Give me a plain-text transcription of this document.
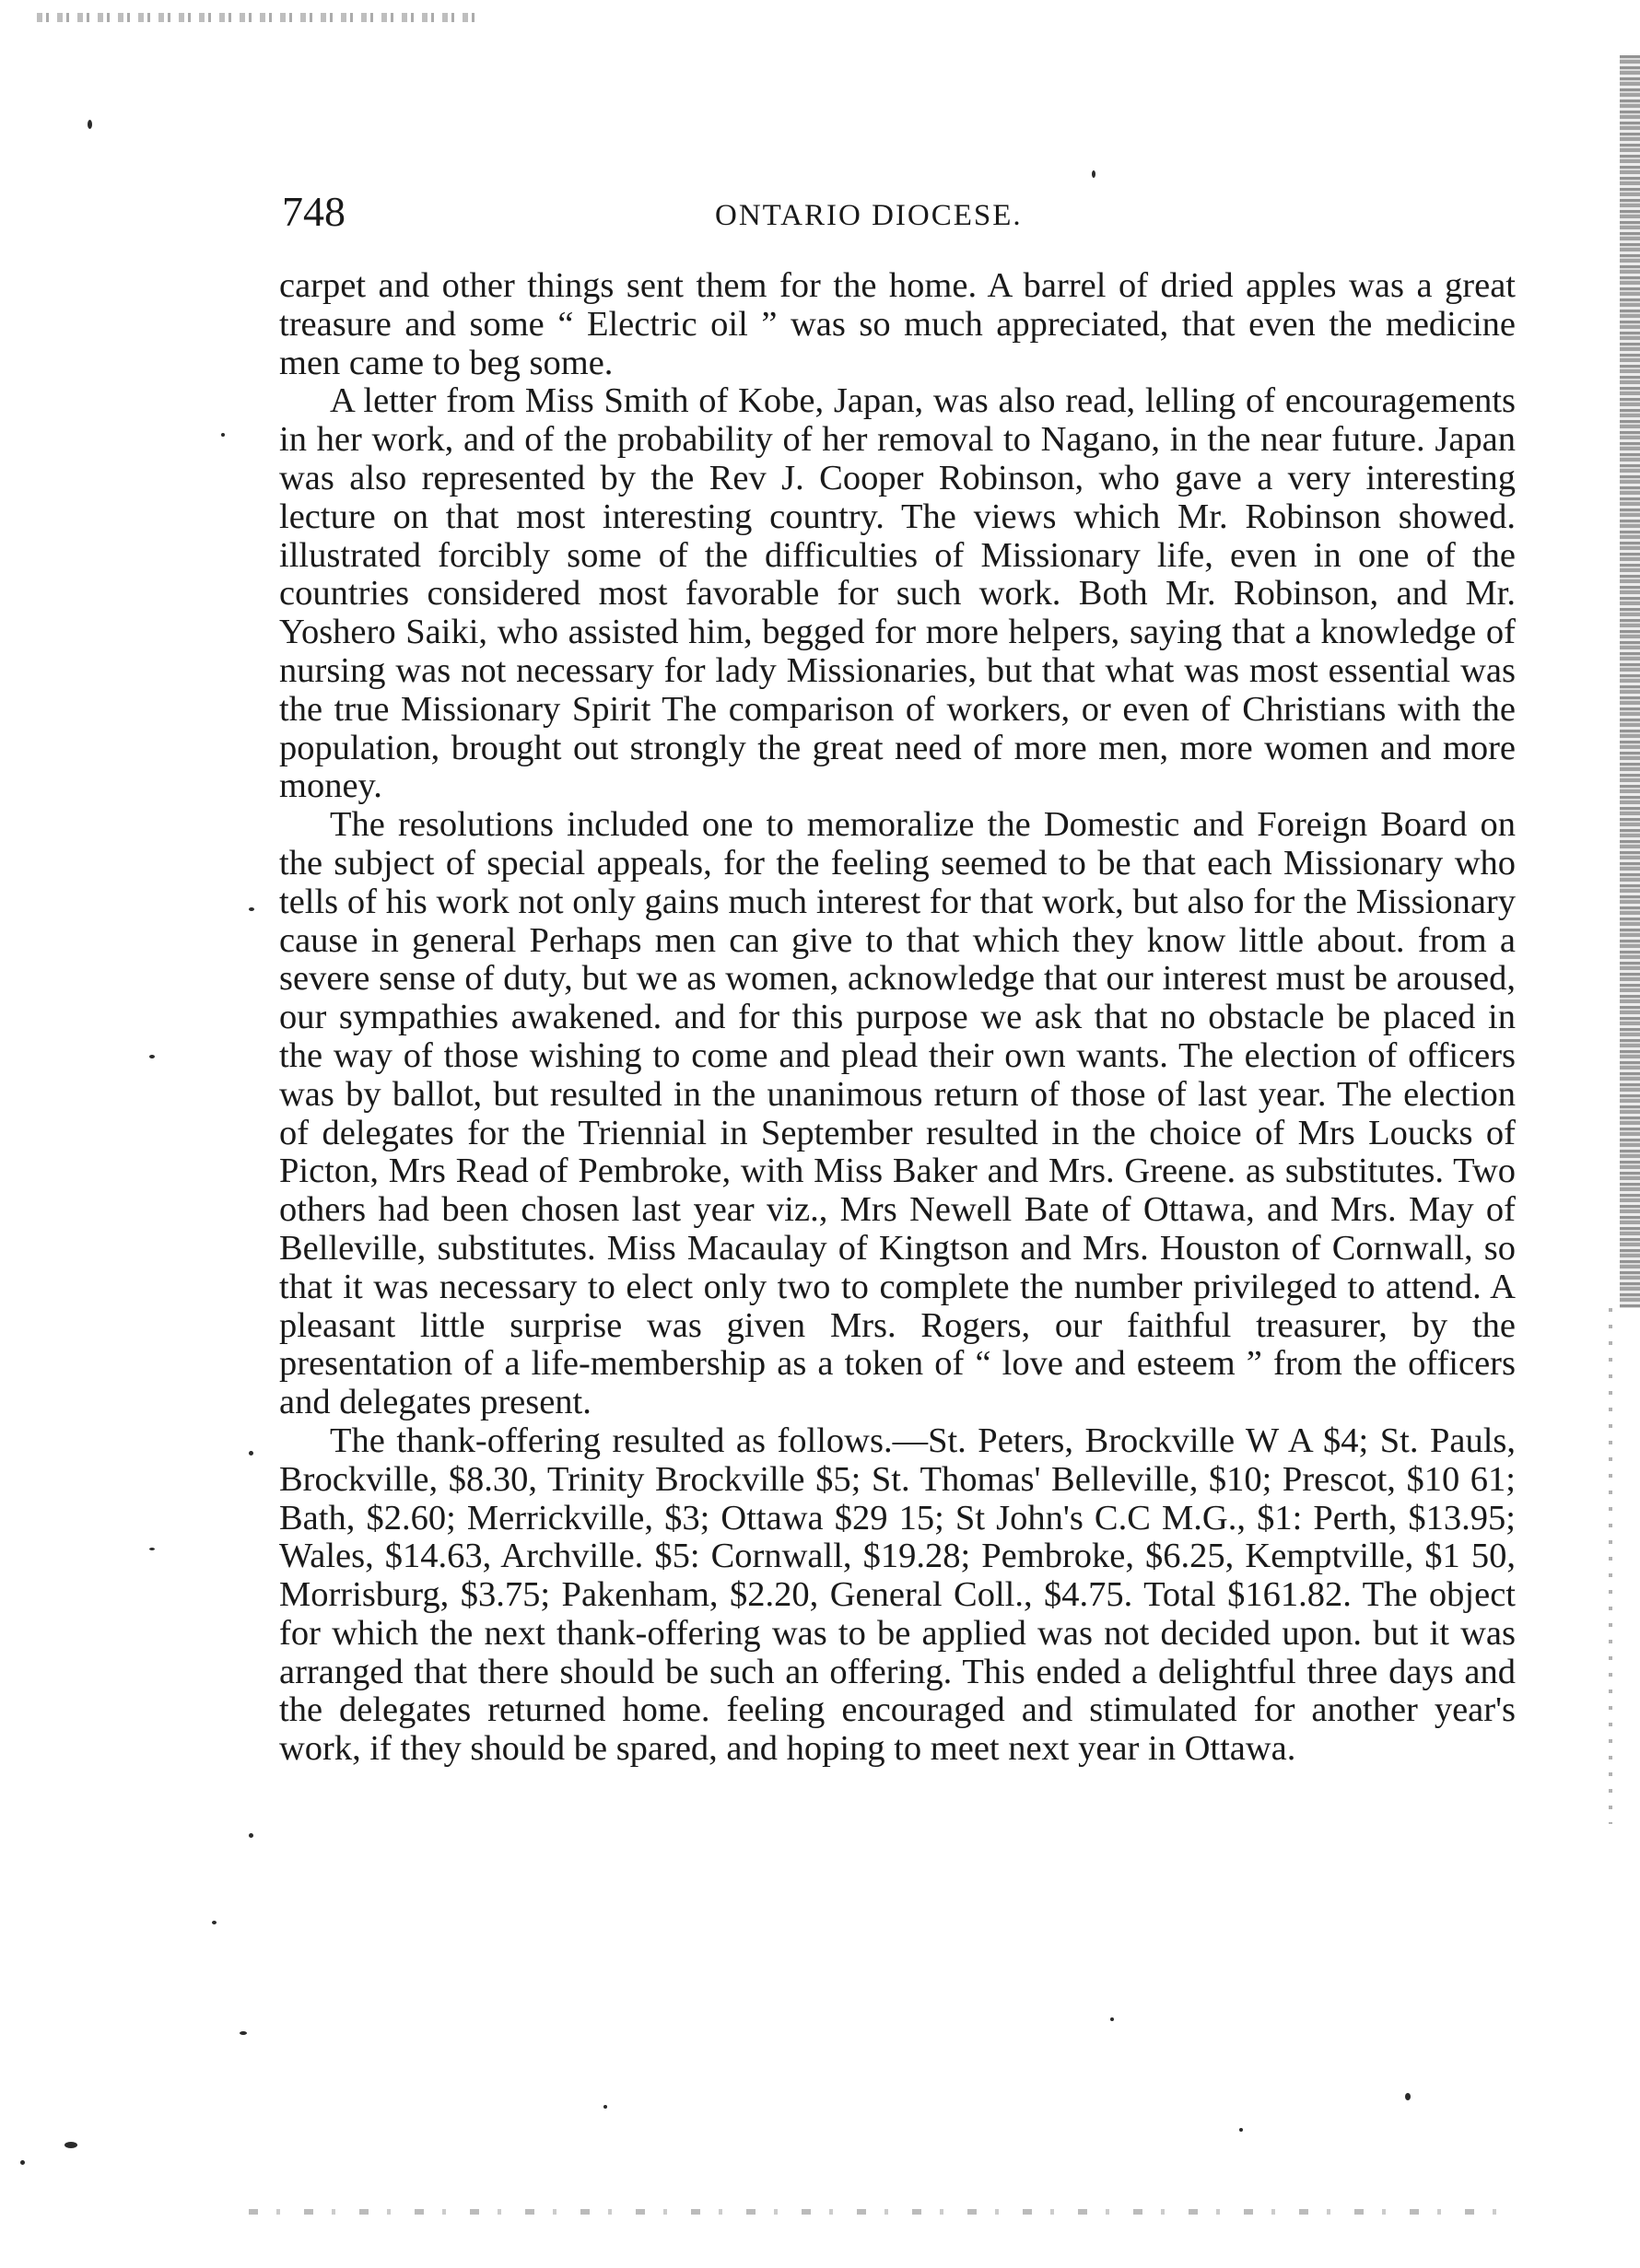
748	ONTARIO DIOCESE.

carpet and other things sent them for the home. A barrel of dried apples was a great treasure and some “ Electric oil ” was so much appreciated, that even the medicine men came to beg some.

A letter from Miss Smith of Kobe, Japan, was also read, lelling of encouragements in her work, and of the probability of her removal to Nagano, in the near future. Japan was also represented by the Rev J. Cooper Robinson, who gave a very interesting lecture on that most interesting country. The views which Mr. Robinson showed. illustrated forcibly some of the difficulties of Missionary life, even in one of the countries considered most favorable for such work. Both Mr. Robinson, and Mr. Yoshero Saiki, who assisted him, begged for more helpers, saying that a knowledge of nursing was not necessary for lady Missionaries, but that what was most essential was the true Missionary Spirit The comparison of workers, or even of Christians with the population, brought out strongly the great need of more men, more women and more money.

The resolutions included one to memoralize the Domestic and Foreign Board on the subject of special appeals, for the feeling seemed to be that each Missionary who tells of his work not only gains much interest for that work, but also for the Missionary cause in general Perhaps men can give to that which they know little about. from a severe sense of duty, but we as women, acknowledge that our interest must be aroused, our sympathies awakened. and for this purpose we ask that no obstacle be placed in the way of those wishing to come and plead their own wants. The election of officers was by ballot, but resulted in the unanimous return of those of last year. The election of delegates for the Triennial in September resulted in the choice of Mrs Loucks of Picton, Mrs Read of Pembroke, with Miss Baker and Mrs. Greene. as substitutes. Two others had been chosen last year viz., Mrs Newell Bate of Ottawa, and Mrs. May of Belleville, substitutes. Miss Macaulay of Kingtson and Mrs. Houston of Cornwall, so that it was necessary to elect only two to complete the number privileged to attend. A pleasant little surprise was given Mrs. Rogers, our faithful treasurer, by the presentation of a life-membership as a token of “ love and esteem ” from the officers and delegates present.

The thank-offering resulted as follows.—St. Peters, Brockville W A $4; St. Pauls, Brockville, $8.30, Trinity Brockville $5; St. Thomas' Belleville, $10; Prescot, $10 61; Bath, $2.60; Merrickville, $3; Ottawa $29 15; St John's C.C M.G., $1: Perth, $13.95; Wales, $14.63, Archville. $5: Cornwall, $19.28; Pembroke, $6.25, Kemptville, $1 50, Morrisburg, $3.75; Pakenham, $2.20, General Coll., $4.75. Total $161.82. The object for which the next thank-offering was to be applied was not decided upon. but it was arranged that there should be such an offering. This ended a delightful three days and the delegates returned home. feeling encouraged and stimulated for another year's work, if they should be spared, and hoping to meet next year in Ottawa.
